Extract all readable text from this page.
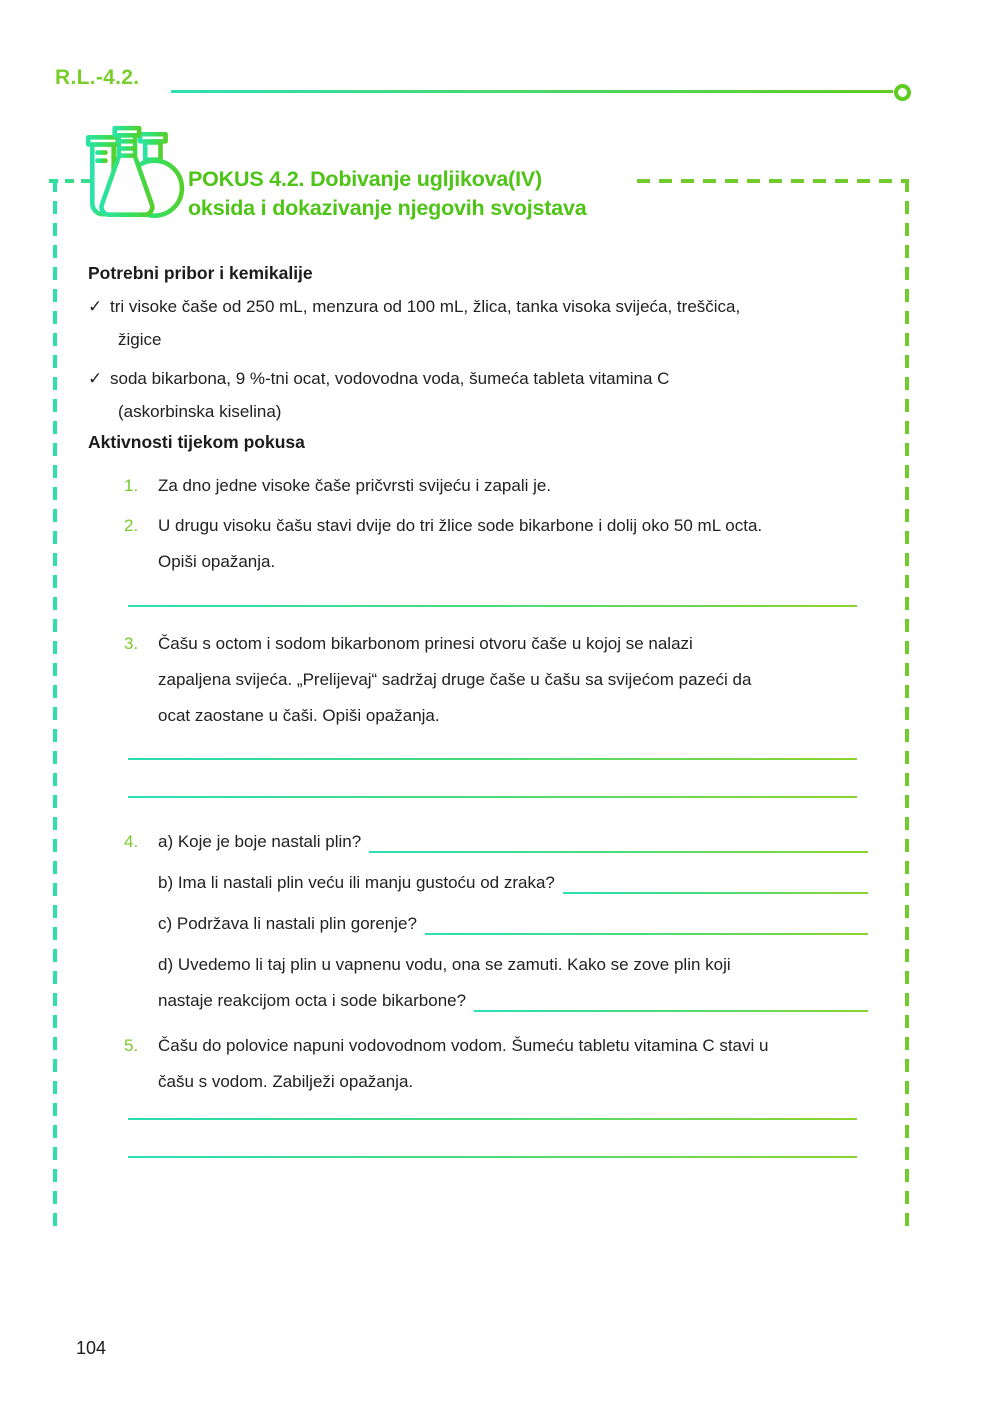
R.L.-4.2.
POKUS 4.2. Dobivanje ugljikova(IV)
oksida i dokazivanje njegovih svojstava
Potrebni pribor i kemikalije
✓ tri visoke čaše od 250 mL, menzura od 100 mL, žlica, tanka visoka svijeća, treščica,
žigice
✓ soda bikarbona, 9 %-tni ocat, vodovodna voda, šumeća tableta vitamina C
(askorbinska kiselina)
Aktivnosti tijekom pokusa
1.	Za dno jedne visoke čaše pričvrsti svijeću i zapali je.
2.	U drugu visoku čašu stavi dvije do tri žlice sode bikarbone i dolij oko 50 mL octa.
Opiši opažanja.
3.	Čašu s octom i sodom bikarbonom prinesi otvoru čaše u kojoj se nalazi
zapaljena svijeća. „Prelijevaj“ sadržaj druge čaše u čašu sa svijećom pazeći da
ocat zaostane u čaši. Opiši opažanja.
4.	a) Koje je boje nastali plin?
b) Ima li nastali plin veću ili manju gustoću od zraka?
c) Podržava li nastali plin gorenje?
d) Uvedemo li taj plin u vapnenu vodu, ona se zamuti. Kako se zove plin koji
nastaje reakcijom octa i sode bikarbone?
5.	Čašu do polovice napuni vodovodnom vodom. Šumeću tabletu vitamina C stavi u
čašu s vodom. Zabilježi opažanja.
104
